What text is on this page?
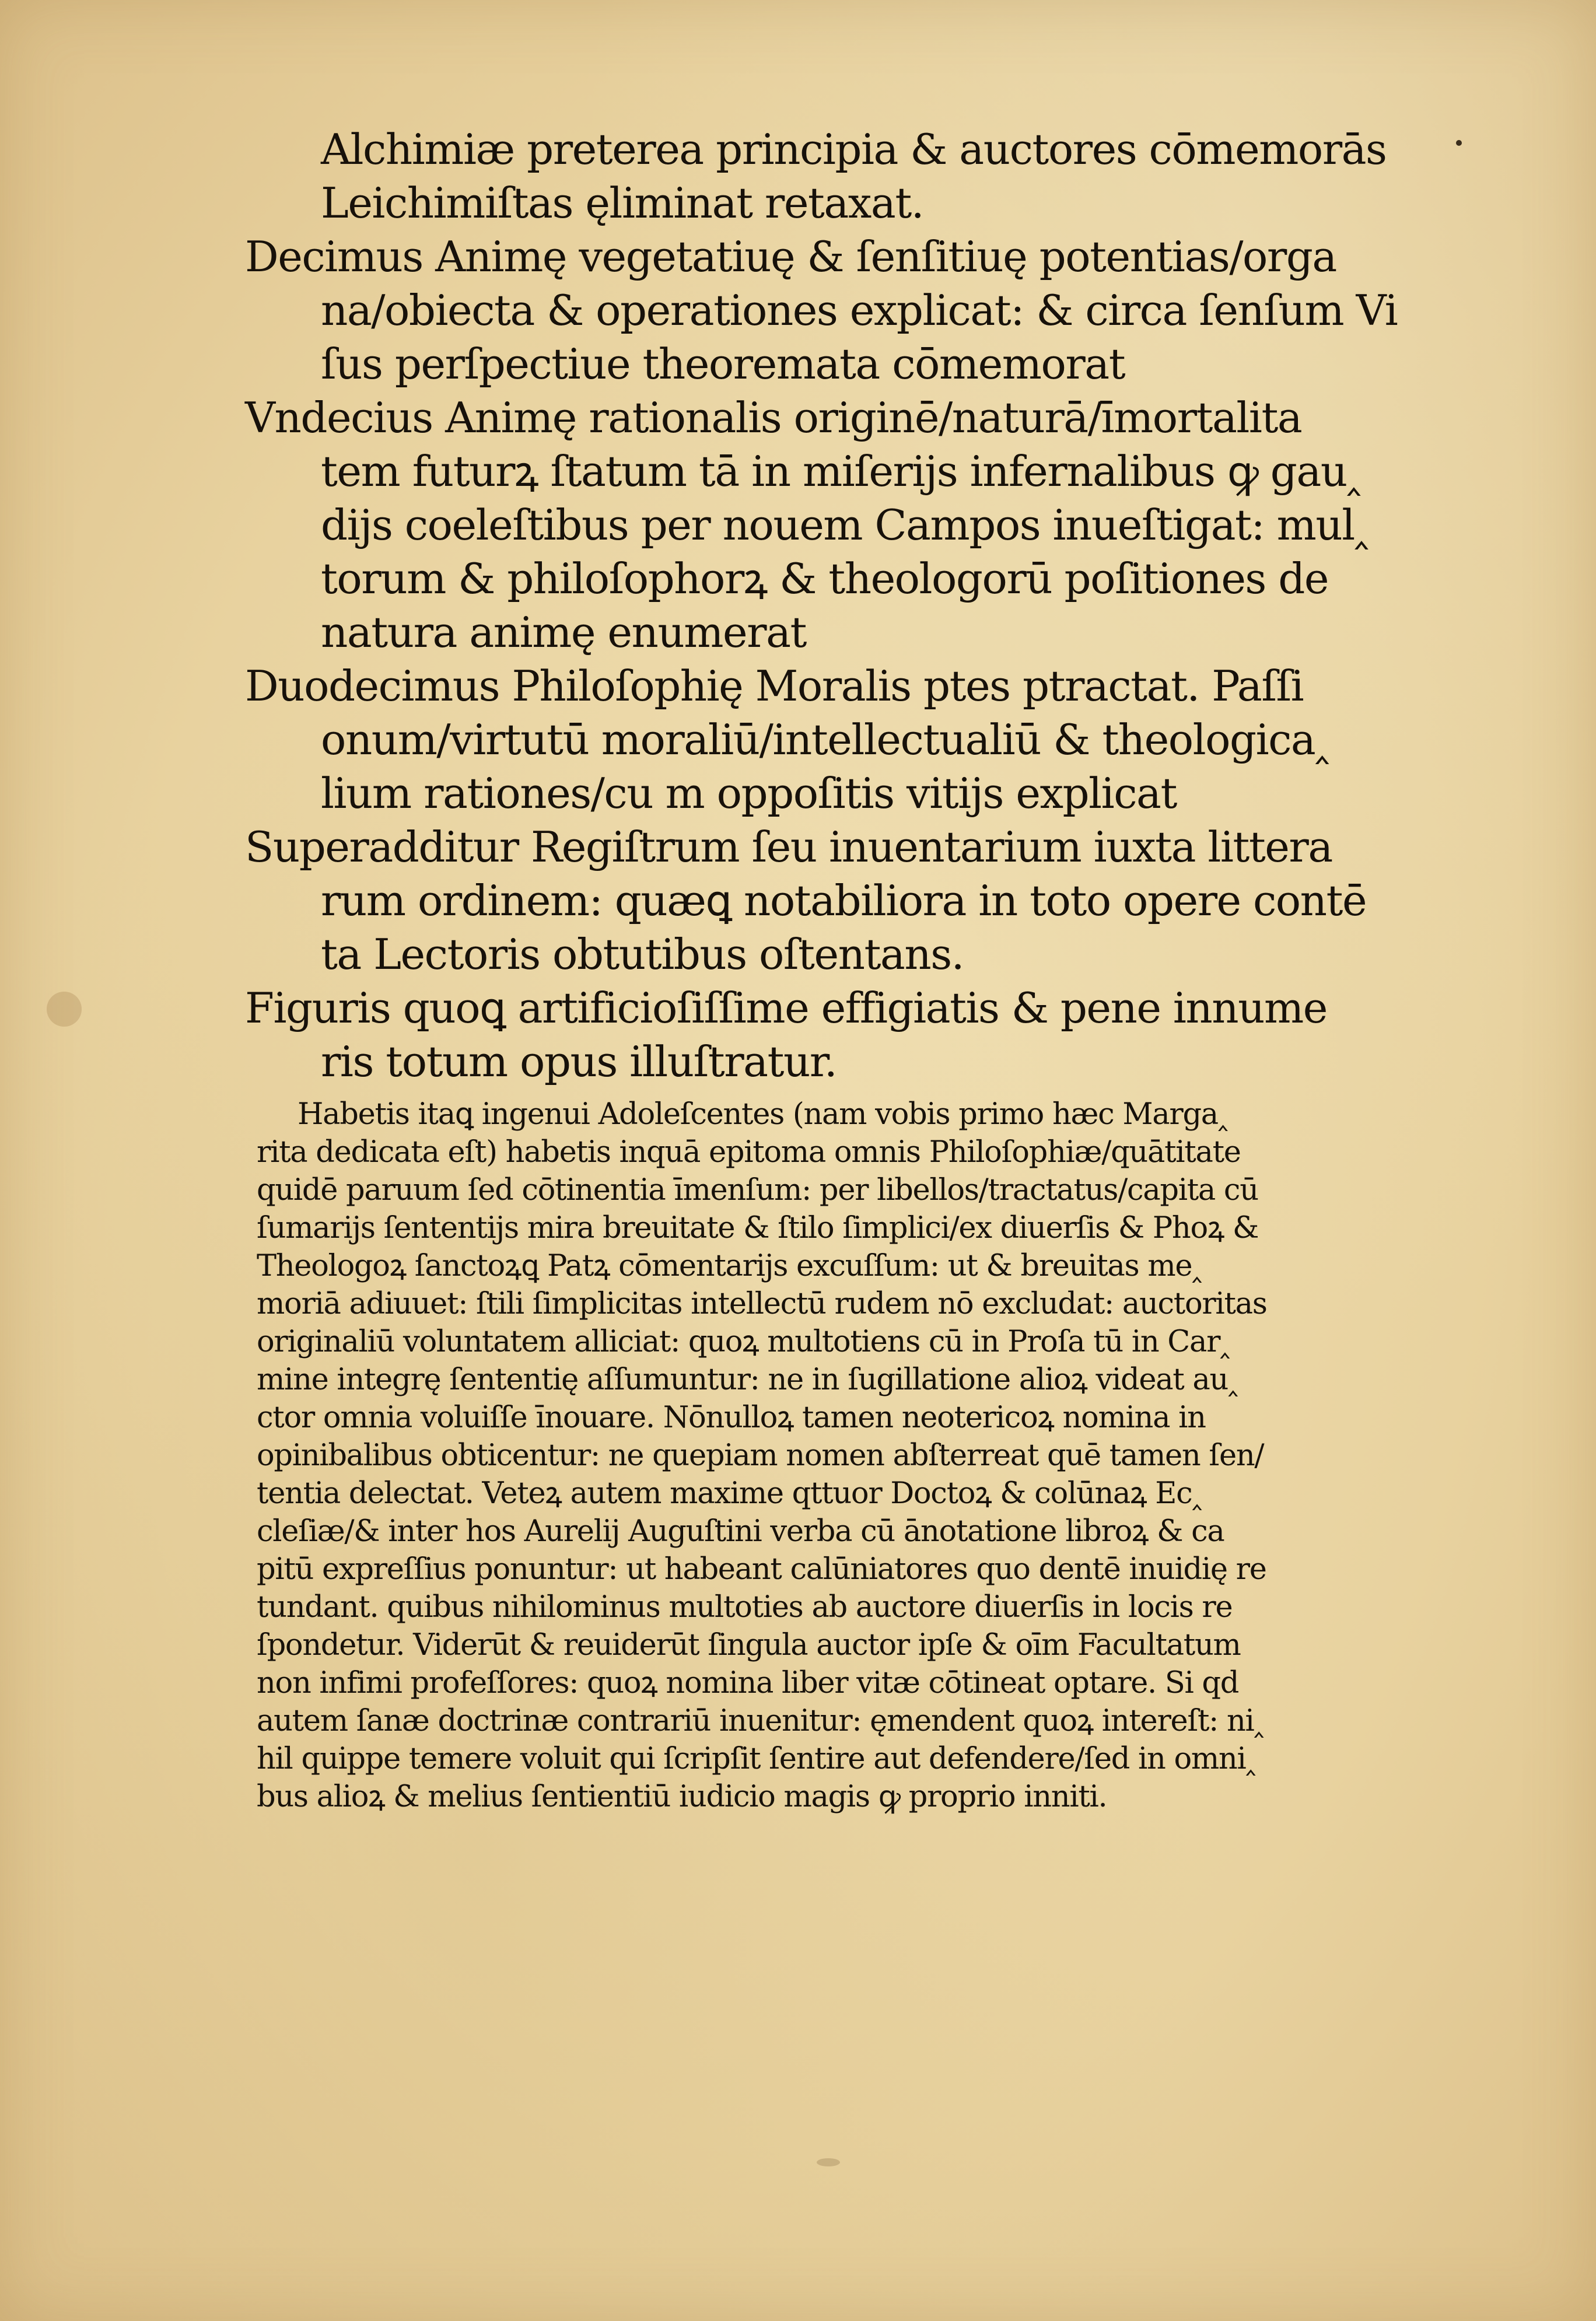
Alchimiæ preterea principia & auctores cōmemorās
Leichimiſtas ęliminat retaxat.
Decimus Animę vegetatiuę & ſenſitiuę potentias/orga
na/obiecta & operationes explicat: & circa ſenſum Vi
ſus perſpectiue theoremata cōmemorat
Vndecius Animę rationalis originē/naturā/īmortalita
tem futurꝝ ſtatum tā in miſerijs infernalibus ꝙ gau‸
dijs coeleſtibus per nouem Campos inueſtigat: mul‸
torum & philoſophorꝝ & theologorū poſitiones de
natura animę enumerat
Duodecimus Philoſophię Moralis ptes ptractat. Paſſi
onum/virtutū moraliū/intellectualiū & theologica‸
lium rationes/cu m oppoſitis vitijs explicat
Superadditur Regiſtrum ſeu inuentarium iuxta littera
rum ordinem: quæꝗ notabiliora in toto opere contē
ta Lectoris obtutibus oſtentans.
Figuris quoꝗ artificioſiſſime effigiatis & pene innume
ris totum opus illuſtratur.
Habetis itaꝗ ingenui Adoleſcentes (nam vobis primo hæc Marga‸
rita dedicata eſt) habetis inquā epitoma omnis Philoſophiæ/quātitate
quidē paruum ſed cōtinentia īmenſum: per libellos/tractatus/capita cū
ſumarijs ſententijs mira breuitate & ſtilo ſimplici/ex diuerſis & Phoꝝ &
Theologoꝝ ſanctoꝝꝗ Patꝝ cōmentarijs excuſſum: ut & breuitas me‸
moriā adiuuet: ſtili ſimplicitas intellectū rudem nō excludat: auctoritas
originaliū voluntatem alliciat: quoꝝ multotiens cū in Proſa tū in Car‸
mine integrę ſententię aſſumuntur: ne in ſugillatione alioꝝ videat au‸
ctor omnia voluiſſe īnouare. Nōnulloꝝ tamen neotericoꝝ nomina in
opinibalibus obticentur: ne quepiam nomen abſterreat quē tamen ſen/
tentia delectat. Veteꝝ autem maxime qttuor Doctoꝝ & colūnaꝝ Ec‸
cleſiæ/& inter hos Aurelij Auguſtini verba cū ānotatione libroꝝ & ca
pitū expreſſius ponuntur: ut habeant calūniatores quo dentē inuidię re
tundant. quibus nihilominus multoties ab auctore diuerſis in locis re
ſpondetur. Viderūt & reuiderūt ſingula auctor ipſe & oīm Facultatum
non infimi profeſſores: quoꝝ nomina liber vitæ cōtineat optare. Si qd
autem ſanæ doctrinæ contrariū inuenitur: ęmendent quoꝝ intereſt: ni‸
hil quippe temere voluit qui ſcripſit ſentire aut defendere/ſed in omni‸
bus alioꝝ & melius ſentientiū iudicio magis ꝙ proprio inniti.
